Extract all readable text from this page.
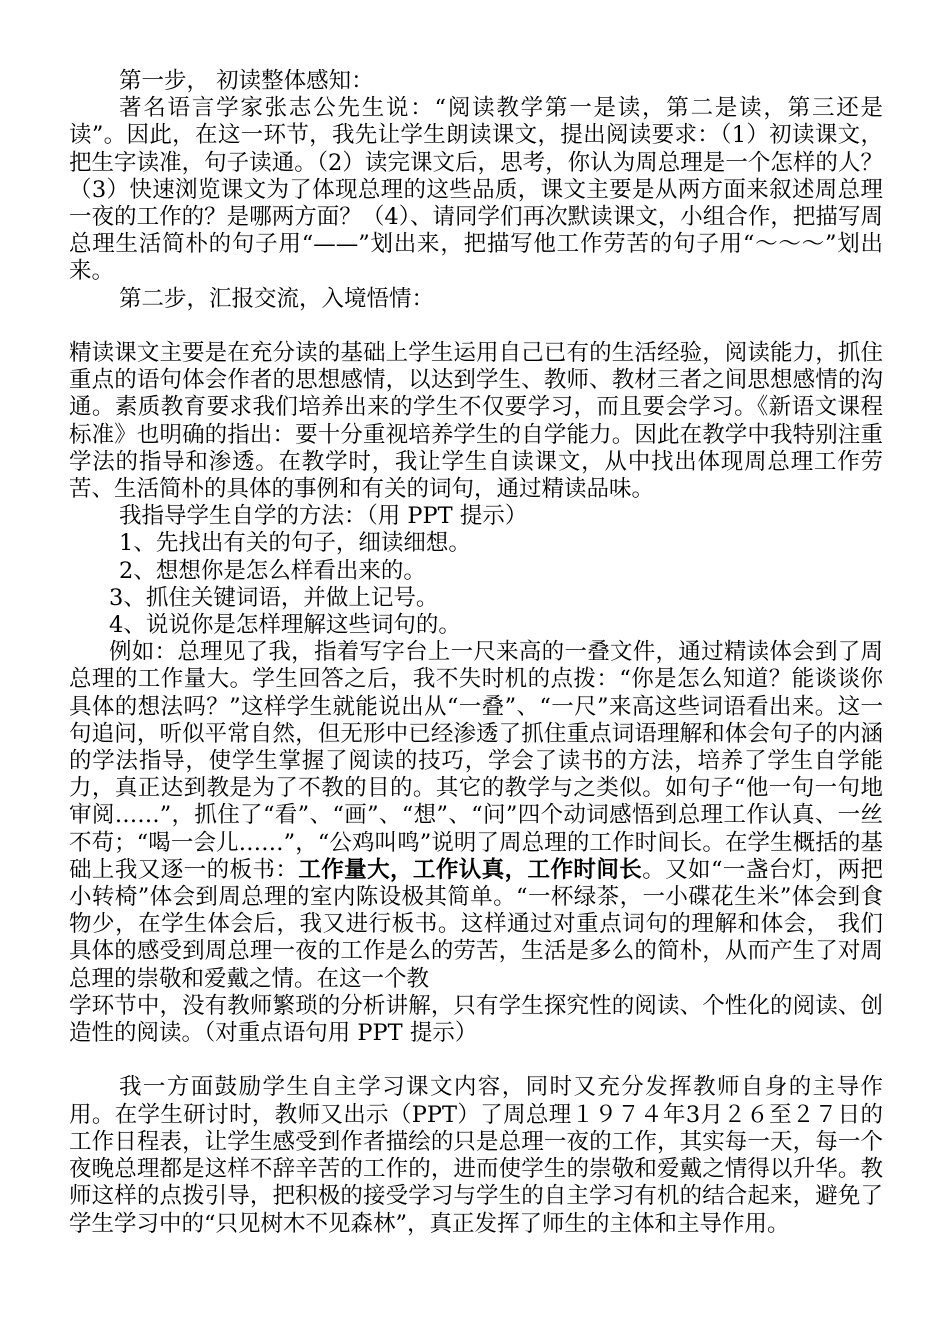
第一步， 初读整体感知：

著名语言学家张志公先生说：“阅读教学第一是读，第二是读，第三还是读”。因此，在这一环节，我先让学生朗读课文，提出阅读要求：（1）初读课文，把生字读准，句子读通。（2）读完课文后，思考，你认为周总理是一个怎样的人？（3）快速浏览课文为了体现总理的这些品质，课文主要是从两方面来叙述周总理一夜的工作的？是哪两方面？（4）、请同学们再次默读课文，小组合作，把描写周总理生活简朴的句子用“——”划出来，把描写他工作劳苦的句子用“～～～”划出来。

第二步，汇报交流，入境悟情：

精读课文主要是在充分读的基础上学生运用自己已有的生活经验，阅读能力，抓住重点的语句体会作者的思想感情，以达到学生、教师、教材三者之间思想感情的沟通。素质教育要求我们培养出来的学生不仅要学习，而且要会学习。《新语文课程标准》也明确的指出：要十分重视培养学生的自学能力。因此在教学中我特别注重学法的指导和渗透。在教学时，我让学生自读课文，从中找出体现周总理工作劳苦、生活简朴的具体的事例和有关的词句，通过精读品味。

我指导学生自学的方法：（用 PPT 提示）

1、先找出有关的句子，细读细想。

2、想想你是怎么样看出来的。

3、抓住关键词语，并做上记号。

4、说说你是怎样理解这些词句的。

例如：总理见了我，指着写字台上一尺来高的一叠文件，通过精读体会到了周总理的工作量大。学生回答之后，我不失时机的点拨：“你是怎么知道？能谈谈你具体的想法吗？”这样学生就能说出从“一叠”、“一尺”来高这些词语看出来。这一句追问，听似平常自然，但无形中已经渗透了抓住重点词语理解和体会句子的内涵的学法指导，使学生掌握了阅读的技巧，学会了读书的方法，培养了学生自学能力，真正达到教是为了不教的目的。其它的教学与之类似。如句子“他一句一句地审阅……”，抓住了“看”、“画”、“想”、“问”四个动词感悟到总理工作认真、一丝不苟；“喝一会儿……”，“公鸡叫鸣”说明了周总理的工作时间长。在学生概括的基础上我又逐一的板书：工作量大，工作认真，工作时间长。又如“一盏台灯，两把小转椅”体会到周总理的室内陈设极其简单。“一杯绿茶，一小碟花生米”体会到食物少，在学生体会后，我又进行板书。这样通过对重点词句的理解和体会， 我们具体的感受到周总理一夜的工作是么的劳苦，生活是多么的简朴，从而产生了对周总理的崇敬和爱戴之情。在这一个教

学环节中，没有教师繁琐的分析讲解，只有学生探究性的阅读、个性化的阅读、创造性的阅读。（对重点语句用 PPT 提示）

我一方面鼓励学生自主学习课文内容，同时又充分发挥教师自身的主导作用。在学生研讨时，教师又出示（PPT）了周总理１９７４年3月２６至２７日的工作日程表，让学生感受到作者描绘的只是总理一夜的工作，其实每一天，每一个夜晚总理都是这样不辞辛苦的工作的，进而使学生的崇敬和爱戴之情得以升华。教师这样的点拨引导，把积极的接受学习与学生的自主学习有机的结合起来，避免了学生学习中的“只见树木不见森林”，真正发挥了师生的主体和主导作用。
